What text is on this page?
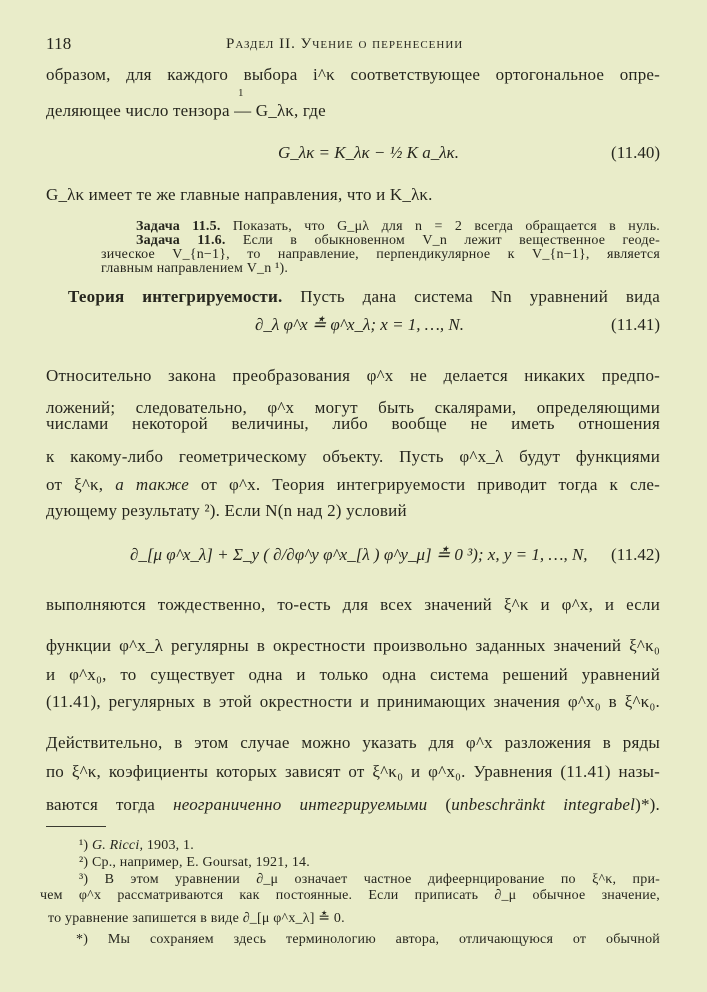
118	Раздел II. Учение о перенесении
образом, для каждого выбора i^κ соответствующее ортогональное опре-
1
деляющее число тензора — G_λκ, где
G_λκ = K_λκ − ½ K a_λκ.	(11.40)
G_λκ имеет те же главные направления, что и K_λκ.
Задача 11.5. Показать, что G_μλ для n = 2 всегда обращается в нуль.
Задача 11.6. Если в обыкновенном V_n лежит вещественное геоде-
зическое V_{n−1}, то направление, перпендикулярное к V_{n−1}, является
главным направлением V_n ¹).
Теория интегрируемости. Пусть дана система Nn уравнений вида
∂_λ φ^x ≛ φ^x_λ; x = 1, …, N.	(11.41)
Относительно закона преобразования φ^x не делается никаких предпо-
ложений; следовательно, φ^x могут быть скалярами, определяющими
числами некоторой величины, либо вообще не иметь отношения
к какому-либо геометрическому объекту. Пусть φ^x_λ будут функциями
от ξ^κ, а также от φ^x. Теория интегрируемости приводит тогда к сле-
дующему результату ²). Если N(n над 2) условий
∂_[μ φ^x_λ] + Σ_y ( ∂/∂φ^y φ^x_[λ ) φ^y_μ] ≛ 0 ³); x, y = 1, …, N, (11.42)
выполняются тождественно, то-есть для всех значений ξ^κ и φ^x, и если
функции φ^x_λ регулярны в окрестности произвольно заданных значений ξ^κ₀
и φ^x₀, то существует одна и только одна система решений уравнений
(11.41), регулярных в этой окрестности и принимающих значения φ^x₀ в ξ^κ₀.
Действительно, в этом случае можно указать для φ^x разложения в ряды
по ξ^κ, коэфициенты которых зависят от ξ^κ₀ и φ^x₀. Уравнения (11.41) назы-
ваются тогда неограниченно интегрируемыми (unbeschränkt integrabel)*).
¹) G. Ricci, 1903, 1.
²) Ср., например, E. Goursat, 1921, 14.
³) В этом уравнении ∂_μ означает частное дифеернцирование по ξ^κ, при-
чем φ^x рассматриваются как постоянные. Если приписать ∂_μ обычное значение,
то уравнение запишется в виде ∂_[μ φ^x_λ] ≛ 0.
*) Мы сохраняем здесь терминологию автора, отличающуюся от обычной
